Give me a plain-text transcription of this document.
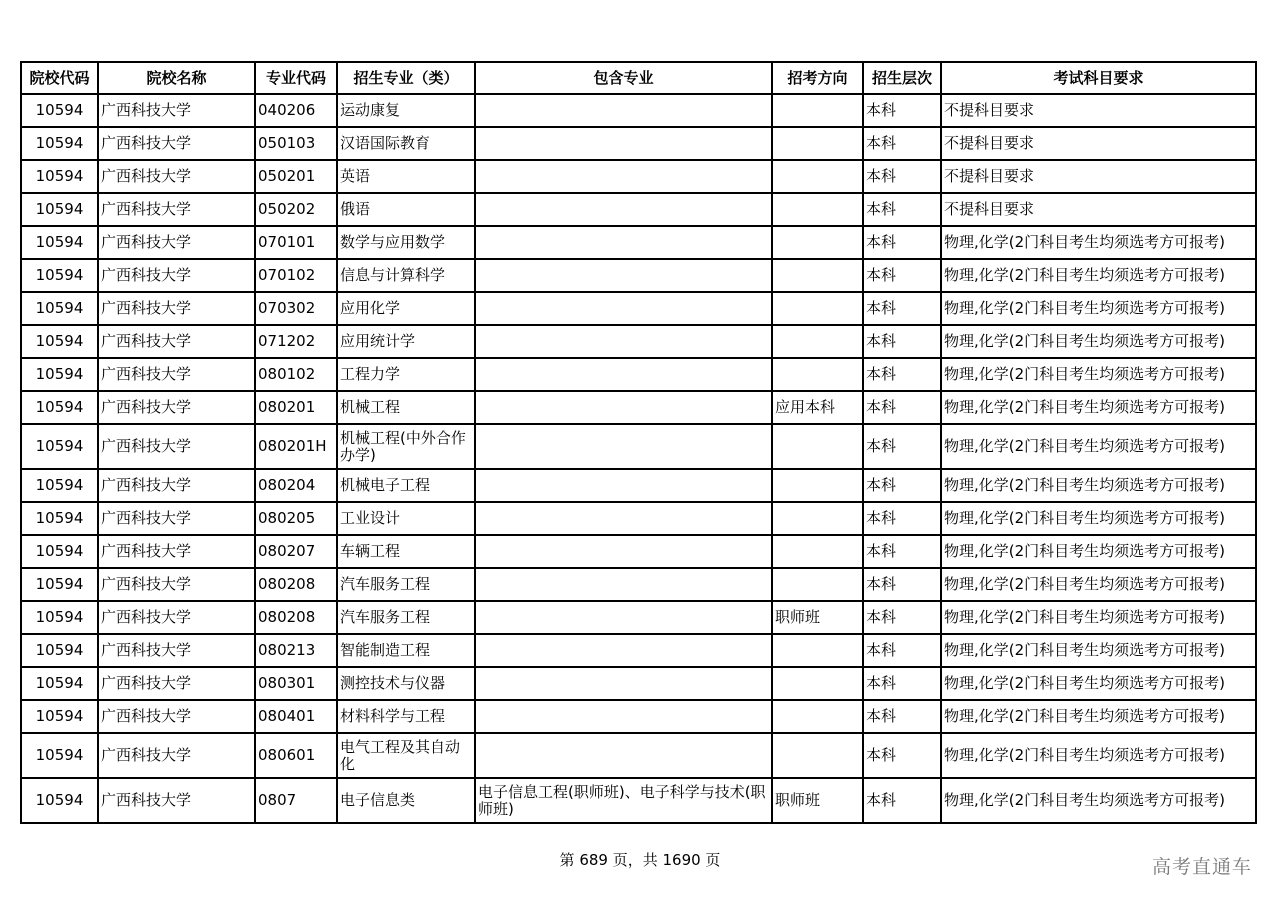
院校代码	院校名称	专业代码	招生专业（类）	包含专业	招考方向	招生层次	考试科目要求
10594	广西科技大学	040206	运动康复			本科	不提科目要求
10594	广西科技大学	050103	汉语国际教育			本科	不提科目要求
10594	广西科技大学	050201	英语			本科	不提科目要求
10594	广西科技大学	050202	俄语			本科	不提科目要求
10594	广西科技大学	070101	数学与应用数学			本科	物理,化学(2门科目考生均须选考方可报考)
10594	广西科技大学	070102	信息与计算科学			本科	物理,化学(2门科目考生均须选考方可报考)
10594	广西科技大学	070302	应用化学			本科	物理,化学(2门科目考生均须选考方可报考)
10594	广西科技大学	071202	应用统计学			本科	物理,化学(2门科目考生均须选考方可报考)
10594	广西科技大学	080102	工程力学			本科	物理,化学(2门科目考生均须选考方可报考)
10594	广西科技大学	080201	机械工程		应用本科	本科	物理,化学(2门科目考生均须选考方可报考)
10594	广西科技大学	080201H	机械工程(中外合作办学)			本科	物理,化学(2门科目考生均须选考方可报考)
10594	广西科技大学	080204	机械电子工程			本科	物理,化学(2门科目考生均须选考方可报考)
10594	广西科技大学	080205	工业设计			本科	物理,化学(2门科目考生均须选考方可报考)
10594	广西科技大学	080207	车辆工程			本科	物理,化学(2门科目考生均须选考方可报考)
10594	广西科技大学	080208	汽车服务工程			本科	物理,化学(2门科目考生均须选考方可报考)
10594	广西科技大学	080208	汽车服务工程		职师班	本科	物理,化学(2门科目考生均须选考方可报考)
10594	广西科技大学	080213	智能制造工程			本科	物理,化学(2门科目考生均须选考方可报考)
10594	广西科技大学	080301	测控技术与仪器			本科	物理,化学(2门科目考生均须选考方可报考)
10594	广西科技大学	080401	材料科学与工程			本科	物理,化学(2门科目考生均须选考方可报考)
10594	广西科技大学	080601	电气工程及其自动化			本科	物理,化学(2门科目考生均须选考方可报考)
10594	广西科技大学	0807	电子信息类	电子信息工程(职师班)、电子科学与技术(职师班)	职师班	本科	物理,化学(2门科目考生均须选考方可报考)
第 689 页，共 1690 页	高考直通车
